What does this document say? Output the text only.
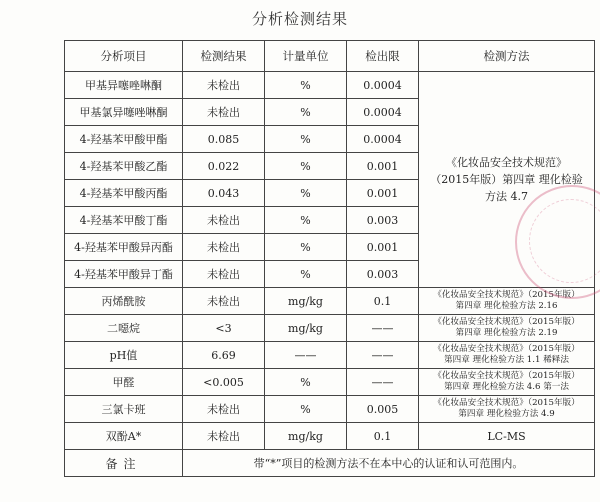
分析检测结果
分析项目	检测结果	计量单位	检出限	检测方法
甲基异噻唑啉酮	未检出	%	0.0004	《化妆品安全技术规范》
（2015年版）第四章 理化检验
方法 4.7

甲基氯异噻唑啉酮	未检出	%	0.0004	
4-羟基苯甲酸甲酯	0.085	%	0.0004	
4-羟基苯甲酸乙酯	0.022	%	0.001	
4-羟基苯甲酸丙酯	0.043	%	0.001	
4-羟基苯甲酸丁酯	未检出	%	0.003	
4-羟基苯甲酸异丙酯	未检出	%	0.001	
4-羟基苯甲酸异丁酯	未检出	%	0.003	
丙烯酰胺	未检出	mg/kg	0.1	《化妆品安全技术规范》（2015年版）
第四章 理化检验方法 2.16

二噁烷	<3	mg/kg	——	《化妆品安全技术规范》（2015年版）
第四章 理化检验方法 2.19

pH值	6.69	——	——	《化妆品安全技术规范》（2015年版）
第四章 理化检验方法 1.1 稀释法

甲醛	<0.005	%	——	《化妆品安全技术规范》（2015年版）
第四章 理化检验方法 4.6 第一法

三氯卡班	未检出	%	0.005	《化妆品安全技术规范》（2015年版）
第四章 理化检验方法 4.9

双酚A*	未检出	mg/kg	0.1	LC-MS
备注	带“*”项目的检测方法不在本中心的认证和认可范围内。			
